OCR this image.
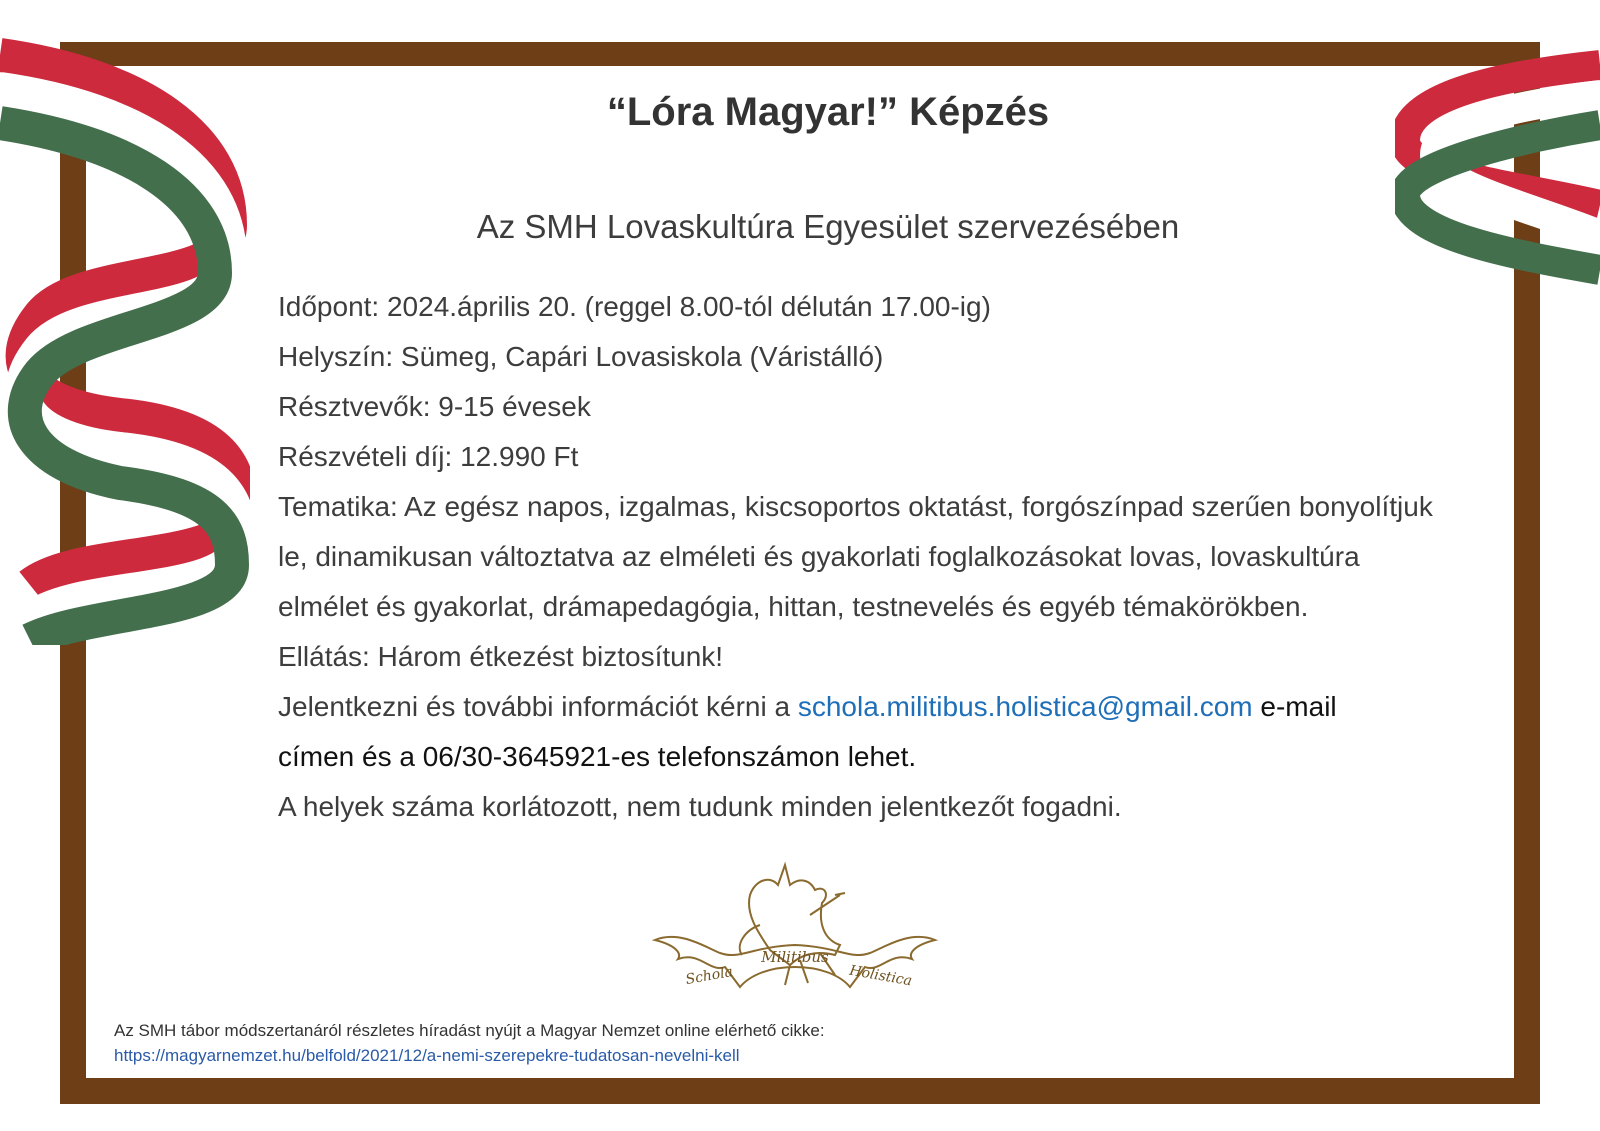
“Lóra Magyar!” Képzés
Az SMH Lovaskultúra Egyesület szervezésében

Időpont: 2024.április 20. (reggel 8.00-tól délután 17.00-ig)

Helyszín: Sümeg, Capári Lovasiskola (Váristálló)

Résztvevők: 9-15 évesek

Részvételi díj: 12.990 Ft

Tematika: Az egész napos, izgalmas, kiscsoportos oktatást, forgószínpad szerűen bonyolítjuk le, dinamikusan változtatva az elméleti és gyakorlati foglalkozásokat lovas, lovaskultúra elmélet és gyakorlat, drámapedagógia, hittan, testnevelés és egyéb témakörökben.

Ellátás: Három étkezést biztosítunk!

Jelentkezni és további információt kérni a schola.militibus.holistica@gmail.com e-mail
címen és a 06/30-3645921-es telefonszámon lehet.

A helyek száma korlátozott, nem tudunk minden jelentkezőt fogadni.

Militibus
Schola	Holistica
Az SMH tábor módszertanáról részletes híradást nyújt a Magyar Nemzet online elérhető cikke:
https://magyarnemzet.hu/belfold/2021/12/a-nemi-szerepekre-tudatosan-nevelni-kell
